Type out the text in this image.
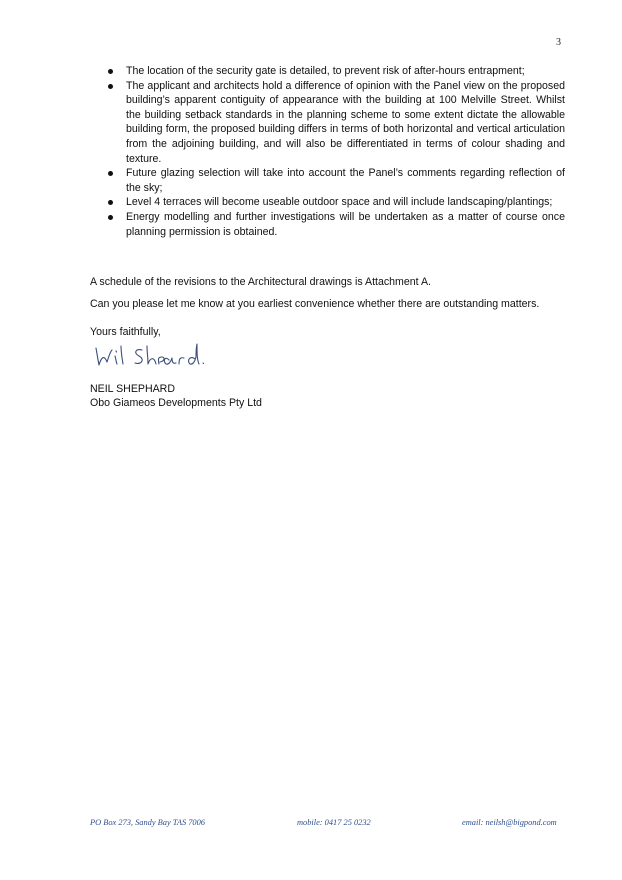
3
The location of the security gate is detailed, to prevent risk of after-hours entrapment;
The applicant and architects hold a difference of opinion with the Panel view on the proposed building’s apparent contiguity of appearance with the building at 100 Melville Street. Whilst the building setback standards in the planning scheme to some extent dictate the allowable building form, the proposed building differs in terms of both horizontal and vertical articulation from the adjoining building, and will also be differentiated in terms of colour shading and texture.
Future glazing selection will take into account the Panel’s comments regarding reflection of the sky;
Level 4 terraces will become useable outdoor space and will include landscaping/plantings;
Energy modelling and further investigations will be undertaken as a matter of course once planning permission is obtained.

A schedule of the revisions to the Architectural drawings is Attachment A.

Can you please let me know at you earliest convenience whether there are outstanding matters.

Yours faithfully,

NEIL SHEPHARD

Obo Giameos Developments Pty Ltd

PO Box 273, Sandy Bay TAS 7006	mobile: 0417 25 0232	email: neilsh@bigpond.com
